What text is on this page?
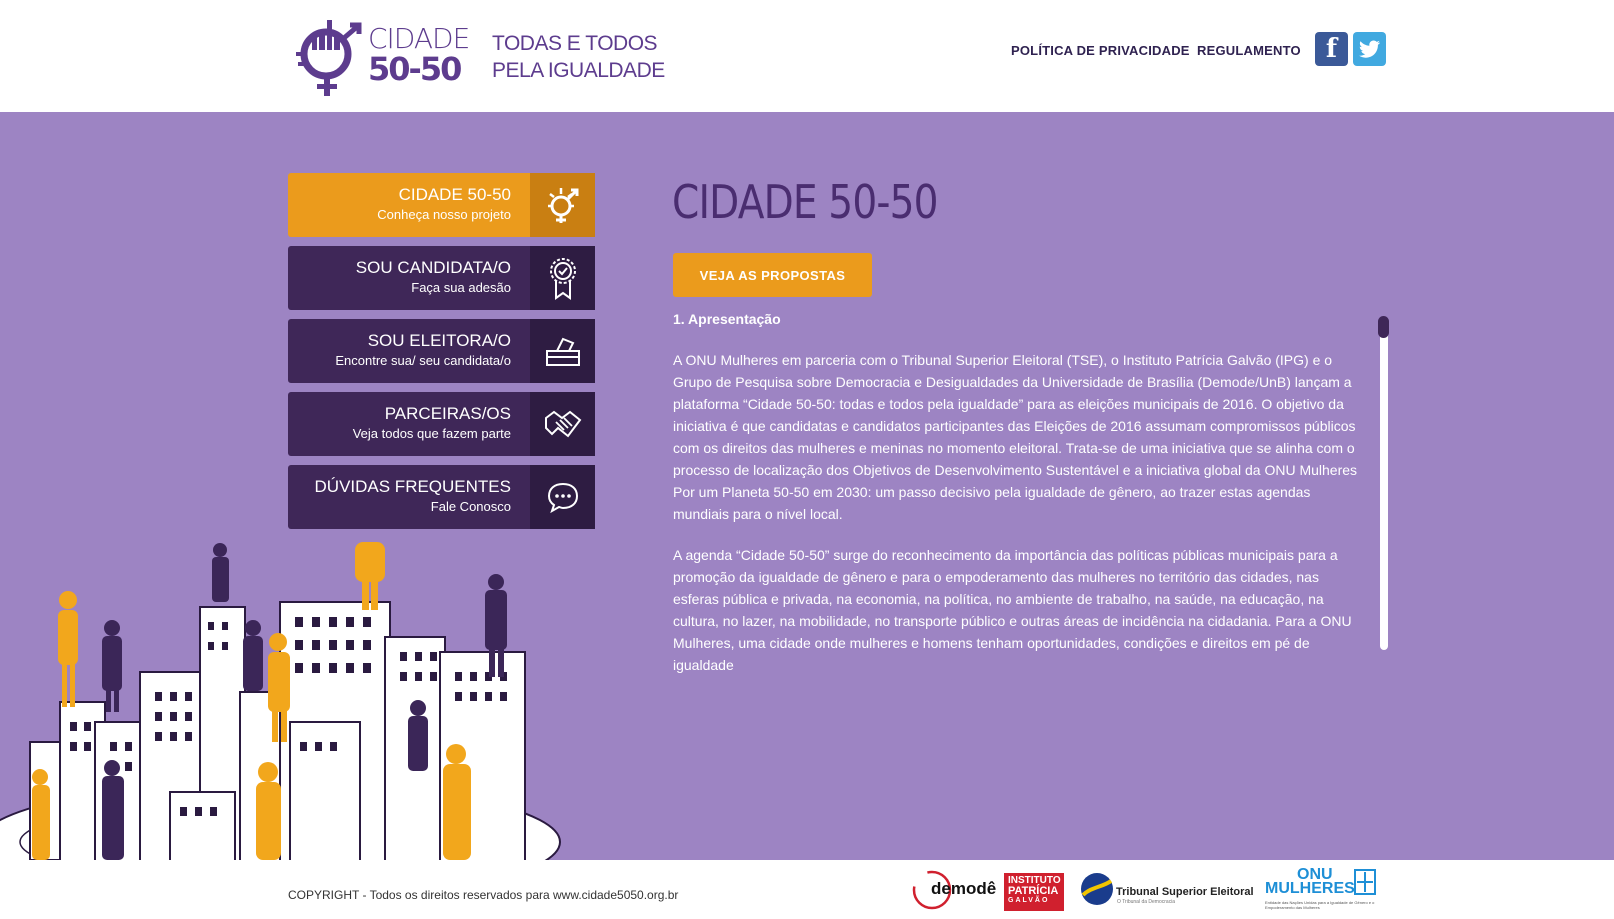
CIDADE
50-50
TODAS E TODOS
PELA IGUALDADE
POLÍTICA DE PRIVACIDADE REGULAMENTO f
CIDADE 50-50
Conheça nosso projeto
SOU CANDIDATA/O
Faça sua adesão
SOU ELEITORA/O
Encontre sua/ seu candidata/o
PARCEIRAS/OS
Veja todos que fazem parte
DÚVIDAS FREQUENTES
Fale Conosco
CIDADE 50-50
VEJA AS PROPOSTAS
1. Apresentação

A ONU Mulheres em parceria com o Tribunal Superior Eleitoral (TSE), o Instituto Patrícia Galvão (IPG) e o Grupo de Pesquisa sobre Democracia e Desigualdades da Universidade de Brasília (Demode/UnB) lançam a plataforma “Cidade 50-50: todas e todos pela igualdade” para as eleições municipais de 2016. O objetivo da iniciativa é que candidatas e candidatos participantes das Eleições de 2016 assumam compromissos públicos com os direitos das mulheres e meninas no momento eleitoral. Trata-se de uma iniciativa que se alinha com o processo de localização dos Objetivos de Desenvolvimento Sustentável e a iniciativa global da ONU Mulheres Por um Planeta 50-50 em 2030: um passo decisivo pela igualdade de gênero, ao trazer estas agendas mundiais para o nível local.

A agenda “Cidade 50-50” surge do reconhecimento da importância das políticas públicas municipais para a promoção da igualdade de gênero e para o empoderamento das mulheres no território das cidades, nas esferas pública e privada, na economia, na política, no ambiente de trabalho, na saúde, na educação, na cultura, no lazer, na mobilidade, no transporte público e outras áreas de incidência na cidadania. Para a ONU Mulheres, uma cidade onde mulheres e homens tenham oportunidades, condições e direitos em pé de igualdade

COPYRIGHT - Todos os direitos reservados para www.cidade5050.org.br	demodê INSTITUTO
PATRÍCIA
GALVÃO
Tribunal Superior Eleitoral
O Tribunal da Democracia
ONU
MULHERES
Entidade das Nações Unidas para a Igualdade de Gênero e o Empoderamento das Mulheres
